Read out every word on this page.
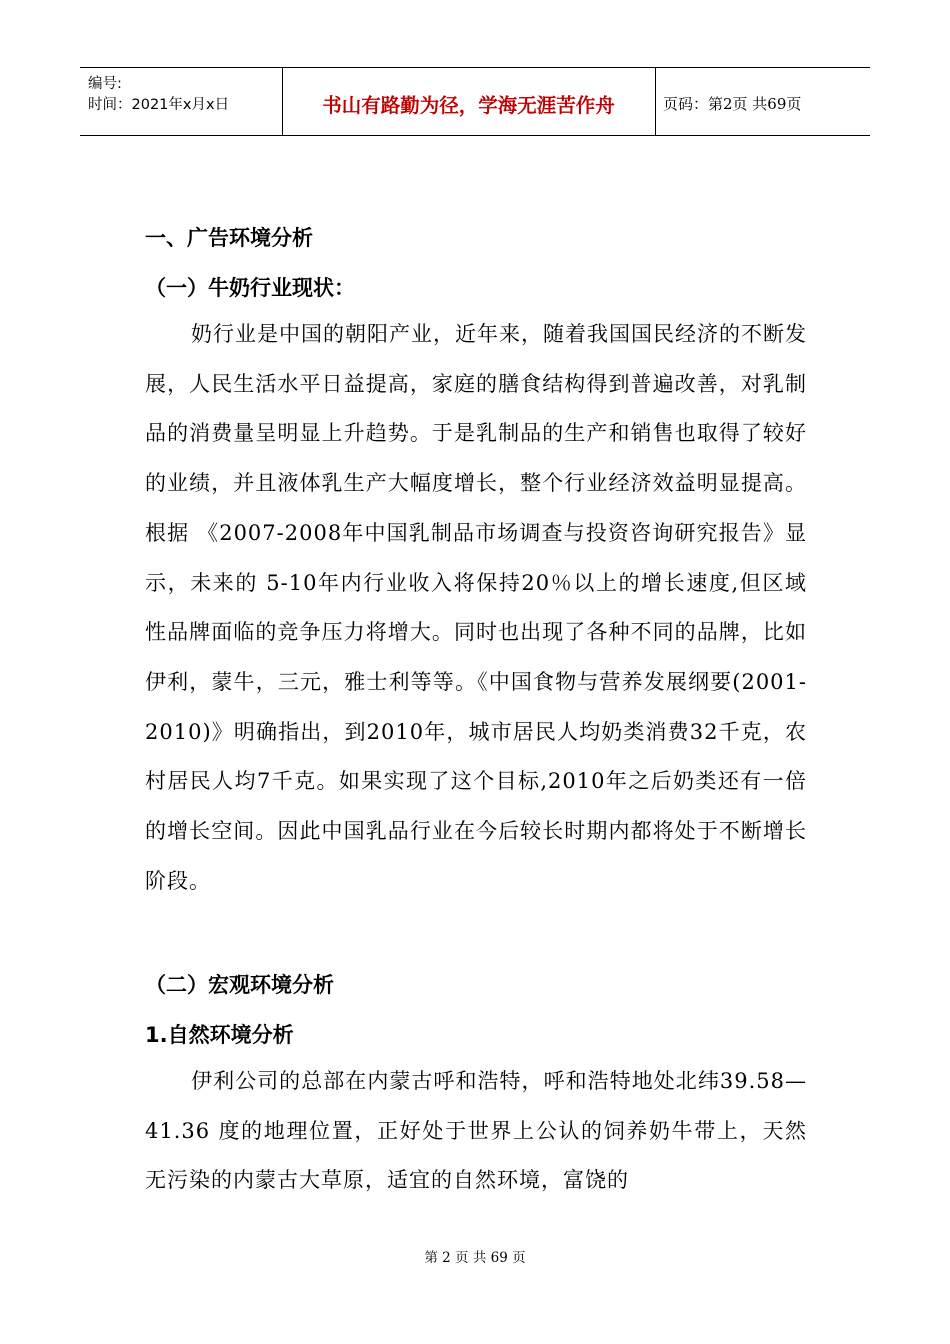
编号:
时间：2021年x月x日	书山有路勤为径，学海无涯苦作舟	页码：第2页 共69页
一、广告环境分析
（一）牛奶行业现状：
奶行业是中国的朝阳产业，近年来，随着我国国民经济的不断发展，人民生活水平日益提高，家庭的膳食结构得到普遍改善，对乳制品的消费量呈明显上升趋势。于是乳制品的生产和销售也取得了较好的业绩，并且液体乳生产大幅度增长，整个行业经济效益明显提高。根据 《2007-2008年中国乳制品市场调查与投资咨询研究报告》显示，未来的 5-10年内行业收入将保持20％以上的增长速度,但区域性品牌面临的竞争压力将增大。同时也出现了各种不同的品牌，比如伊利，蒙牛，三元，雅士利等等。《中国食物与营养发展纲要(2001-2010)》明确指出，到2010年，城市居民人均奶类消费32千克，农村居民人均7千克。如果实现了这个目标,2010年之后奶类还有一倍的增长空间。因此中国乳品行业在今后较长时期内都将处于不断增长阶段。
（二）宏观环境分析
1.自然环境分析
伊利公司的总部在内蒙古呼和浩特，呼和浩特地处北纬39.58—41.36 度的地理位置，正好处于世界上公认的饲养奶牛带上，天然无污染的内蒙古大草原，适宜的自然环境，富饶的
第 2 页 共 69 页
